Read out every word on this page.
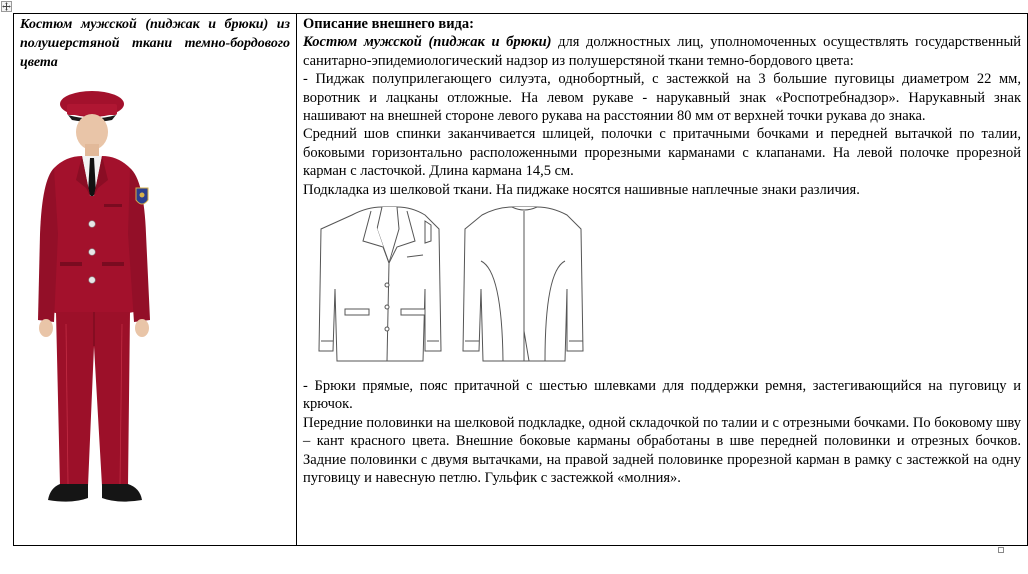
Костюм мужской (пиджак и брюки) из полушерстяной ткани темно-бордового цвета

Описание внешнего вида:

Костюм мужской (пиджак и брюки) для должностных лиц, уполномоченных осуществлять государственный санитарно-эпидемиологический надзор из полушерстяной ткани темно-бордового цвета:

- Пиджак полуприлегающего силуэта, однобортный, с застежкой на 3 большие пуговицы диаметром 22 мм, воротник и лацканы отложные. На левом рукаве - нарукавный знак «Роспотребнадзор». Нарукавный знак нашивают на внешней стороне левого рукава на расстоянии 80 мм от верхней точки рукава до знака.

Средний шов спинки заканчивается шлицей, полочки с притачными бочками и передней вытачкой по талии, боковыми горизонтально расположенными прорезными карманами с клапанами. На левой полочке прорезной карман с ласточкой. Длина кармана 14,5 см.

Подкладка из шелковой ткани. На пиджаке носятся нашивные наплечные знаки различия.

- Брюки прямые, пояс притачной с шестью шлевками для поддержки ремня, застегивающийся на пуговицу и крючок.

Передние половинки на шелковой подкладке, одной складочкой по талии и с отрезными бочками. По боковому шву – кант красного цвета. Внешние боковые карманы обработаны в шве передней половинки и отрезных бочков. Задние половинки с двумя вытачками, на правой задней половинке прорезной карман в рамку с застежкой на одну пуговицу и навесную петлю. Гульфик с застежкой «молния».
